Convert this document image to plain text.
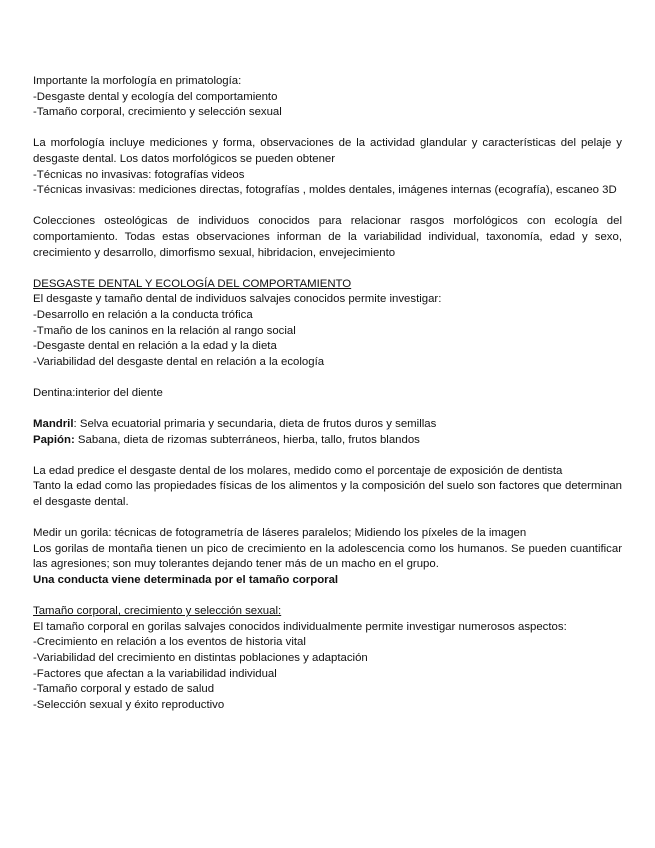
Importante la morfología en primatología:
-Desgaste dental y ecología del comportamiento
-Tamaño corporal, crecimiento y selección sexual
La morfología incluye mediciones y forma, observaciones de la actividad glandular y características del pelaje y desgaste dental. Los datos morfológicos se pueden obtener
-Técnicas no invasivas: fotografías videos
-Técnicas invasivas: mediciones directas, fotografías , moldes dentales, imágenes internas (ecografía), escaneo 3D
Colecciones osteológicas de individuos conocidos para relacionar rasgos morfológicos con ecología del comportamiento. Todas estas observaciones informan de la variabilidad individual, taxonomía, edad y sexo, crecimiento y desarrollo, dimorfismo sexual, hibridacion, envejecimiento
DESGASTE DENTAL Y ECOLOGÍA DEL COMPORTAMIENTO
El desgaste y tamaño dental de individuos salvajes conocidos permite investigar:
-Desarrollo en relación a la conducta trófica
-Tmaño de los caninos en la relación al rango social
-Desgaste dental en relación a la edad y la dieta
-Variabilidad del desgaste dental en relación a la ecología
Dentina:interior del diente
Mandril: Selva ecuatorial primaria y secundaria, dieta de frutos duros y semillas
Papión: Sabana, dieta de rizomas subterráneos, hierba, tallo, frutos blandos
La edad predice el desgaste dental de los molares, medido como el porcentaje de exposición de dentista
Tanto la edad como las propiedades físicas de los alimentos y la composición del suelo son factores que determinan el desgaste dental.
Medir un gorila: técnicas de fotogrametría de láseres paralelos; Midiendo los píxeles de la imagen
Los gorilas de montaña tienen un pico de crecimiento en la adolescencia como los humanos. Se pueden cuantificar las agresiones; son muy tolerantes dejando tener más de un macho en el grupo.
Una conducta viene determinada por el tamaño corporal
Tamaño corporal, crecimiento y selección sexual:
El tamaño corporal en gorilas salvajes conocidos individualmente permite investigar numerosos aspectos:
-Crecimiento en relación a los eventos de historia vital
-Variabilidad del crecimiento en distintas poblaciones y adaptación
-Factores que afectan a la variabilidad individual
-Tamaño corporal y estado de salud
-Selección sexual y éxito reproductivo
